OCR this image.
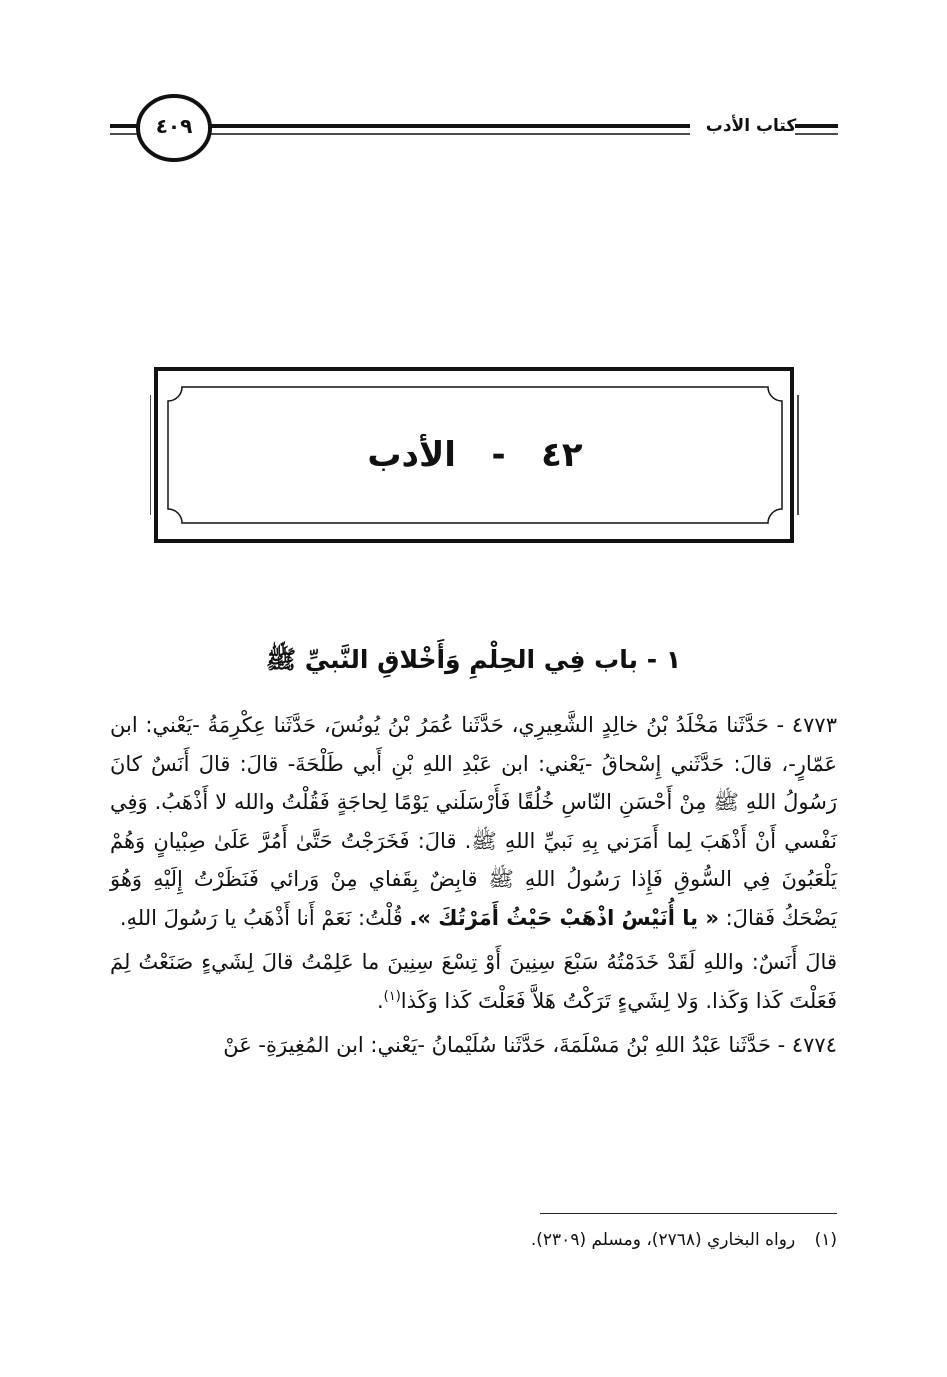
كتاب الأدب
٤٠٩
٤٢   -   الأدب
١ - باب فِي الحِلْمِ وَأَخْلاقِ النَّبيِّ ﷺ

٤٧٧٣ - حَدَّثَنا مَخْلَدُ بْنُ خالِدٍ الشَّعِيرِي، حَدَّثَنا عُمَرُ بْنُ يُونُسَ، حَدَّثَنا عِكْرِمَةُ -يَعْني: ابن عَمّارٍ-، قالَ: حَدَّثَني إِسْحاقُ -يَعْني: ابن عَبْدِ اللهِ بْنِ أَبي طَلْحَةَ- قالَ: قالَ أَنَسٌ كانَ رَسُولُ اللهِ ﷺ مِنْ أَحْسَنِ النّاسِ خُلُقًا فَأَرْسَلَني يَوْمًا لِحاجَةٍ فَقُلْتُ والله لا أَذْهَبُ. وَفِي نَفْسي أَنْ أَذْهَبَ لِما أَمَرَني بِهِ نَبيِّ اللهِ ﷺ. قالَ: فَخَرَجْتُ حَتَّىٰ أَمُرَّ عَلَىٰ صِبْيانٍ وَهُمْ يَلْعَبُونَ فِي السُّوقِ فَإِذا رَسُولُ اللهِ ﷺ قابِضٌ بِقَفاي مِنْ وَرائي فَنَظَرْتُ إِلَيْهِ وَهُوَ يَضْحَكُ فَقالَ: « يا أُنَيْسُ اذْهَبْ حَيْثُ أَمَرْتُكَ ». قُلْتُ: نَعَمْ أَنا أَذْهَبُ يا رَسُولَ اللهِ.

قالَ أَنَسٌ: واللهِ لَقَدْ خَدَمْتُهُ سَبْعَ سِنِينَ أَوْ تِسْعَ سِنِينَ ما عَلِمْتُ قالَ لِشَيءٍ صَنَعْتُ لِمَ فَعَلْتَ كَذا وَكَذا. وَلا لِشَيءٍ تَرَكْتُ هَلاَّ فَعَلْتَ كَذا وَكَذا$^{(١)}$.

٤٧٧٤ - حَدَّثَنا عَبْدُ اللهِ بْنُ مَسْلَمَةَ، حَدَّثَنا سُلَيْمانُ -يَعْني: ابن المُغِيرَةِ- عَنْ

(١) رواه البخاري (٢٧٦٨)، ومسلم (٢٣٠٩).
